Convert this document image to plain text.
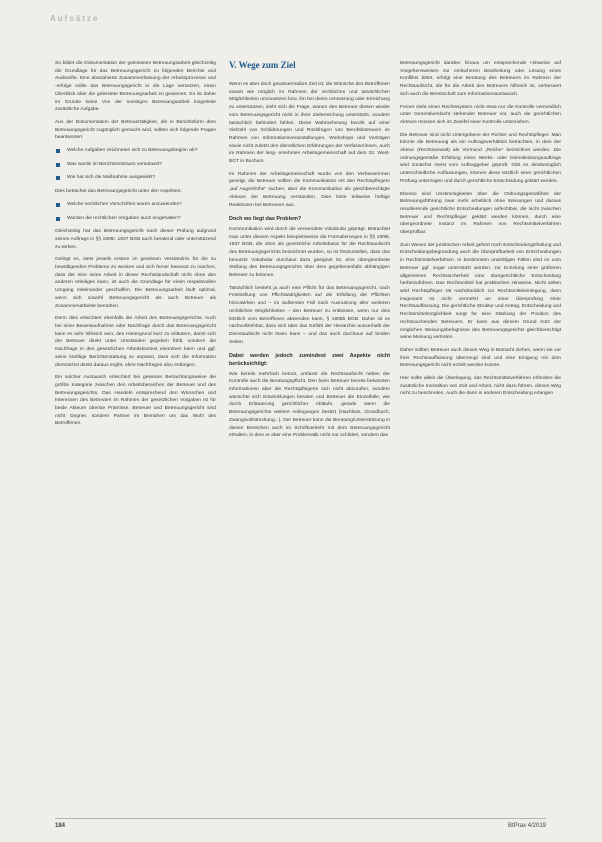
Aufsätze

So bildet die Dokumentation der geleisteten Betreuungsarbeit gleichzeitig die Grundlage für das Betreuungsgericht zu folgenden Berichte und Auskünfte. Eine abstrahierte Zusammenfassung der Arbeitsprozesse und -erfolge sollte das Betreuungsgericht in die Lage versetzen, einen Überblick über die geleistete Betreuungsarbeit zu gewinnen. Es ist daher im Grunde keine Von der sonstigen Betreuungsarbeit losgelöste zusätzliche Aufgabe.

Aus der Dokumentation der Betreuertätigkeit, die in Berichtsform dem Betreuungsgericht zugänglich gemacht wird, sollten sich folgende Fragen beantworten:

Welche Aufgaben zeichneten sich zu Betreuungsbeginn ab?
Was wurde im Berichtszeitraum veranlasst?
Wie hat sich die Maßnahme ausgewirkt?

Dies betrachet das Betreuungsgericht unter den Aspekten:

Welche rechtlichen Vorschriften waren anzuwenden?
Wurden die rechtlichen Vorgaben auch eingehalten?

Gleichzeitig hat das Betreuungsgericht nach dieser Prüfung aufgrund seines Auftrags in §§ 1908i, 1837 BGB auch beratend oder unterstützend zu wirken.

Gelingt es, stets jeweils erstere im gewissen Verständnis für die zu bewältigenden Probleme zu wecken und sich ferner bewusst zu machen, dass der eine seine Arbeit in dieser Rechtslandschaft nicht ohne den anderen erledigen kann, ist auch die Grundlage für einen respektvollen Umgang miteinander geschaffen. Die Betreuungsarbeit läuft optimal, wenn sich sowohl Betreuungsgericht als auch Betreuer als Zusammenarbeiter bemühen.

Denn dies erleichtert ebenfalls die Arbeit des Betreuungsgerichts. Auch bei einer Beweisaufnahme oder Nachfrage durch das Betreuungsgericht kann es sehr hilfreich sein, den Hintergrund kurz zu erläutern, damit sich der Betreuer direkt unter Umständen gegeben fühlt, sondern die Nachfrage in den gesetzlichen Arbeitskontext einordnen kann und ggf. seine künftige Berichterstattung so anpasst, dass sich die Information demnächst direkt daraus ergibt, ohne Nachfragen also erübrigen.

Ein solcher Austausch erleichtert bei gewisser Betrachtungsweise die größte Kategorie zwischen den Arbeitsbereichen der Betreuer und des Betreuungsgerichts. Das Handeln entsprechend den Wünschen und Interessen des Betreuten im Rahmen der gesetzlichen Vorgaben ist für beide Akteure oberste Prämisse. Betreuer und Betreuungsgericht sind nicht Gegner, sondern Partner im Bemühen um das Wohl des Betroffenen.

V. Wege zum Ziel

Wenn es aber doch gewissermaßen Zeit ist, die Wünsche des Betroffenen soweit wie möglich im Rahmen der rechtlichen und tatsächlichen Möglichkeiten umzusetzen bzw. ihn bei deren Umsetzung oder Erreichung zu unterstützen, sieht sich die Frage, warum den Betreuer diesen wieder vom Betreuungsgericht nicht in ihrer Zielerreichung unterstützt, sondern tatsächlich behindert fühlen. Diese Wahrnehmung beruht auf einer Vielzahl von Schilderungen und Rückfragen von Berufsbetreuern im Rahmen von Informationsveranstaltungen, Workshops und Vorträgen sowie nicht zuletzt den dienstlichen Erfahrungen der Verfasserinnen, auch im Rahmen der lang- ersehnten Arbeitsgemeinschaft auf dem 32. West-BGT in Bochum.

Im Rahmen der Arbeitsgemeinschaft wurde von den Verfasserinnen gezeigt, die Betreuer sollten die Kommunikation mit den Rechtspflegern „auf Augenhöhe“ suchen, aber die Kommunikation als gleichberechtigte Akteure der Betreuung verstanden. Dies löste teilweise heftige Reaktionen bei Betreuern aus.

Doch wo liegt das Problem?

Kommunikation wird durch die verwendete Vokabular geprägt. Betrachtet man unter diesem Aspekt beispielsweise die Formulierungen in §§ 1908i, 1837 BGB, die oben als gesetzliche Arbeitsbasis für die Rechtsaufsicht des Betreuungsgerichts bezeichnet wurden, so ist festzustellen, dass das benutzte Vokabular durchaus dazu geeignet ist, eine übergeordnete Stellung des Betreuungsgerichts über dem gegebenenfalls abhängigen Betreuer zu betonen.

Tatsächlich besteht ja auch eine Pflicht für das Betreuungsgericht, nach Feststellung von Pflichtwidrigkeiten auf die Erfüllung der Pflichten hinzuwirken und – im äußersten Fall nach Ausnutzung aller weiteren rechtlichen Möglichkeiten – den Betreuer zu entlassen, wenn nur dies letztlich vom Betroffenen abwenden kann, § 1908b BGB. Daher ist es nachvollziehbar, dass sich über das Gefühl der Hierarchie ausserhalb der Dienstaufsicht nicht lösen kann – und das auch durchaus auf beiden Seiten.

Dabei werden jedoch zumindest zwei Aspekte nicht berücksichtigt:

Wie bereits mehrfach betont, umfasst die Rechtsaufsicht neben der Kontrolle auch die Beratungspflicht. Den beim Betreuer bereits bekannten Informationen aber die Rechtspflegerin sich nicht abzurufen, sondern wünschte sich Entwicklungen beraten und Betreuer die Einzelfalle, wie durch Erläuterung gerichtlicher Abläufe, gerade wenn die Betreuungsgerichte weitere Anliegungen besitzt (Nachlass, Grundbuch, Zwangsvollstreckung...). Der Betreuer kann die Beratung/Unterstützung in diesen Bereichen auch im Schriftverkehr mit dem Betreuungsgericht erhalten, in dem er aber eine Problematik nicht nur schildert, sondern das

Betreuungsgericht darüber hinaus um entsprechende Hinweise auf Vorgehensweisen zur einfacheren Bearbeitung oder Lösung eines Konflikts bittet, erfolgt eine Beratung des Betreuers im Rahmen der Rechtsaufsicht, die für die Arbeit des Betreuers hilfreich ist, verbessert sich auch die Bereitschaft zum Informationsaustausch.

Ferner sieht einen Rechtssystem nicht etwa nur die Kontrolle vermeidlich unter Generalverdacht stehender Betreuer vor, auch die gerichtlichen Akteure müssen sich im Zweifel einer Kontrolle unterziehen.

Die Betreuer sind nicht Untergebene der Richter und Rechtspfleger. Man könnte die Betreuung als ein Auftragsverhältnis betrachten, in dem der Akteur (Rechtsanwalt) als Vormund „Reiche“ bezeichnet werden. Die ordnungsgemäße Erfüllung eines Werks- oder Dienstleistungsauftrags wird zunächst meist vom Auftraggeber geprüft. Gibt es diesbezüglich unterschiedliche Auffassungen, können diese letztlich einer gerichtlichen Prüfung unterzogen und durch gerichtliche Entscheidung geklärt werden.

Ebenso sind Unstimmigkeiten über die Ordnungsgemäßheit der Betreuungsführung zwar mehr erheblich ohne Weisungen und daraus resultierende gerichtliche Entscheidungen anfechtbar, die nicht zwischen Betreuer und Rechtspfleger geklärt werden können, durch eine übergeordnete Instanz im Rahmen von Rechtsmittelverfahren überprüfbar.

Zum Wesen der juristischen Arbeit gehört noch Entscheidungsfindung und Entscheidungsbegründung auch die Überprüfbarkeit von Entscheidungen in Rechtsmittelverfahren. In bestimmten unstrittigen Fällen sind es vom Betreuer ggf. sogar unterstützt worden, zur Erzielung einer größeren allgemeinen Rechtssicherheit eine obergerichtliche Entscheidung herbeizuführen. Das Rechtsmittel hat praktischen Hinweise. Nicht selten wird Rechtspfleger rät nachdrücklich zur Rechtsmitteleinlegung, dann insgesamt ist nicht vermehrt an einer Überprüfung einer Rechtsauffassung. Die gerichtliche Struktur und Antrag, Entscheidung und Rechtsmittelmöglichkeit sorgt für eine Stärkung der Position des rechtssuchenden Betreuers. Er kann aus diesem Grund trotz der möglichen Weisungsbefugnisse des Betreuungsgerichts gleichberechtigt seine Meinung vertreten.

Daher sollten Betreuer auch diesen Weg in Betracht ziehen, wenn sie vor ihrer Rechtsauffassung überzeugt sind und eine Einigung mit dem Betreuungsgericht nicht erzielt werden konnte.

Hier sollte allein die Überlegung, das Rechtsmittelverfahren erfordere die zusätzliche Investition von Zeit und Arbeit, nicht dazu führen, diesen Weg nicht zu beschreiten. Auch die dann in anderen Entscheidung erlangen

184	BtPrax 4/2019
